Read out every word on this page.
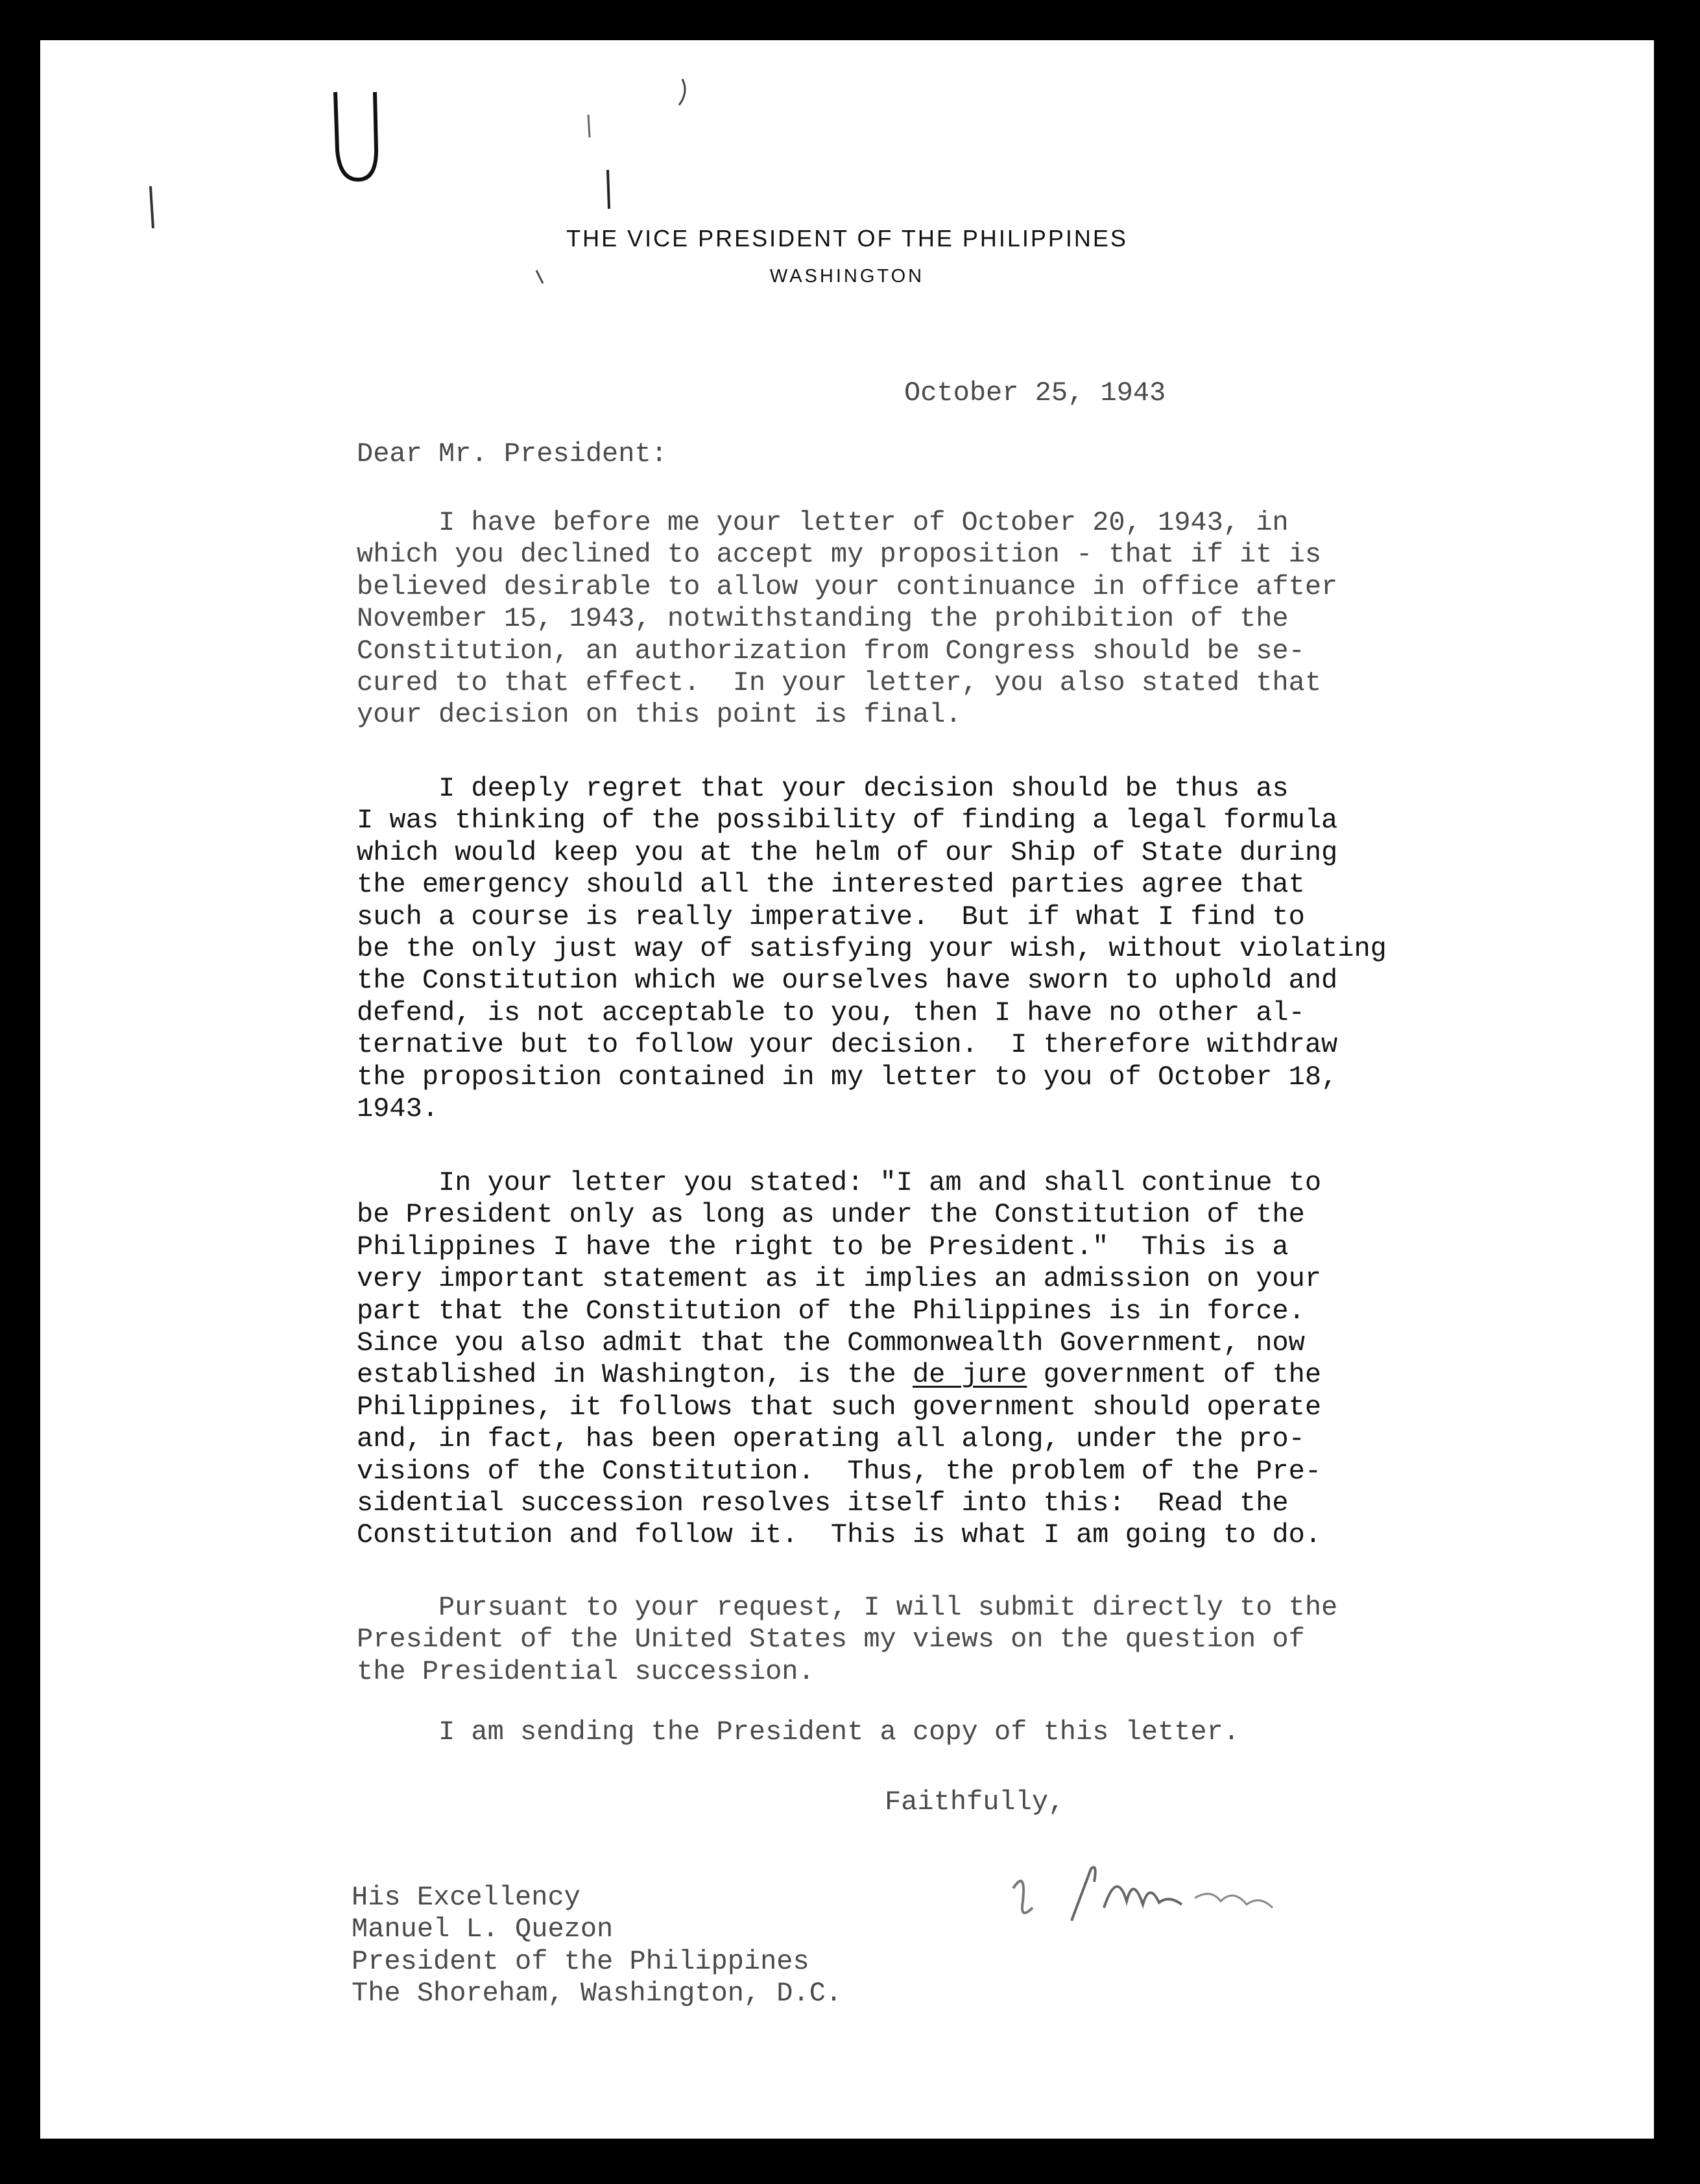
THE VICE PRESIDENT OF THE PHILIPPINES
WASHINGTON
October 25, 1943
Dear Mr. President:
I have before me your letter of October 20, 1943, in
which you declined to accept my proposition - that if it is
believed desirable to allow your continuance in office after
November 15, 1943, notwithstanding the prohibition of the
Constitution, an authorization from Congress should be se-
cured to that effect.  In your letter, you also stated that
your decision on this point is final.
I deeply regret that your decision should be thus as
I was thinking of the possibility of finding a legal formula
which would keep you at the helm of our Ship of State during
the emergency should all the interested parties agree that
such a course is really imperative.  But if what I find to
be the only just way of satisfying your wish, without violating
the Constitution which we ourselves have sworn to uphold and
defend, is not acceptable to you, then I have no other al-
ternative but to follow your decision.  I therefore withdraw
the proposition contained in my letter to you of October 18,
1943.
In your letter you stated: "I am and shall continue to
be President only as long as under the Constitution of the
Philippines I have the right to be President."  This is a
very important statement as it implies an admission on your
part that the Constitution of the Philippines is in force.
Since you also admit that the Commonwealth Government, now
established in Washington, is the de jure government of the
Philippines, it follows that such government should operate
and, in fact, has been operating all along, under the pro-
visions of the Constitution.  Thus, the problem of the Pre-
sidential succession resolves itself into this:  Read the
Constitution and follow it.  This is what I am going to do.
Pursuant to your request, I will submit directly to the
President of the United States my views on the question of
the Presidential succession.
I am sending the President a copy of this letter.
Faithfully,
His Excellency
Manuel L. Quezon
President of the Philippines
The Shoreham, Washington, D.C.
